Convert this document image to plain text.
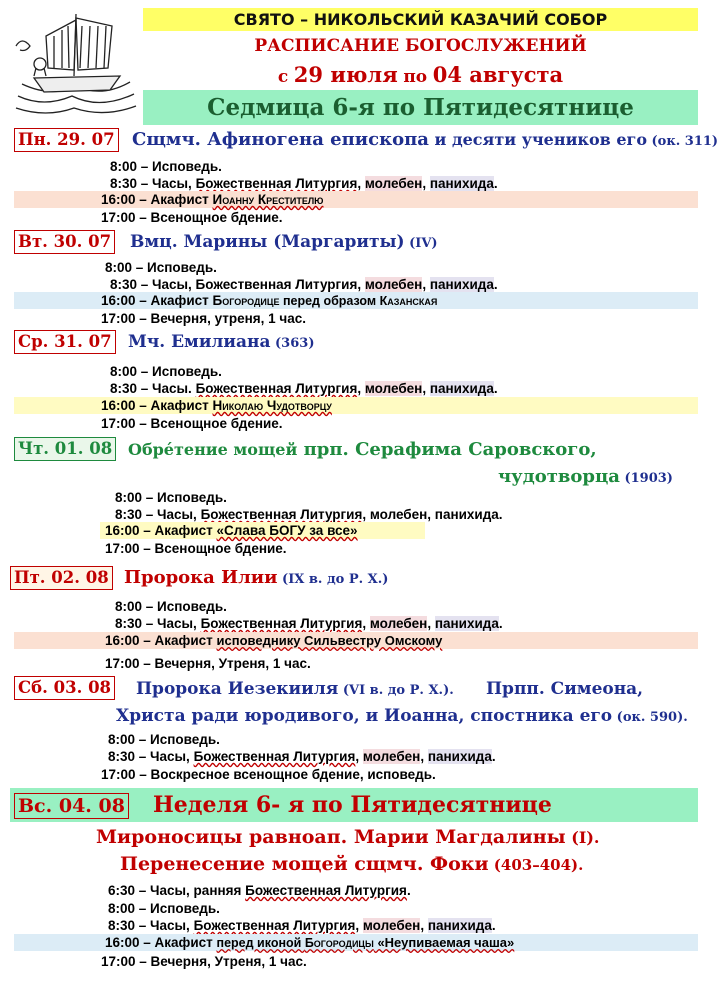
СВЯТО – НИКОЛЬСКИЙ КАЗАЧИЙ СОБОР
РАСПИСАНИЕ БОГОСЛУЖЕНИЙ
с 29 июля по 04 августа
Седмица 6-я по Пятидесятнице
Пн. 29. 07 Сщмч. Афиногена епископа и десяти учеников его (ок. 311)
8:00 – Исповедь.
8:30 – Часы, Божественная Литургия, молебен, панихида.
16:00 – Акафист Иоанну Крестителю
17:00 – Всенощное бдение.
Вт. 30. 07 Вмц. Марины (Маргариты) (IV)
8:00 – Исповедь.
8:30 – Часы, Божественная Литургия, молебен, панихида.
16:00 – Акафист Богородице перед образом Казанская
17:00 – Вечерня, утреня, 1 час.
Ср. 31. 07 Мч. Емилиана (363)
8:00 – Исповедь.
8:30 – Часы. Божественная Литургия, молебен, панихида.
16:00 – Акафист Николаю Чудотворцу
17:00 – Всенощное бдение.
Чт. 01. 08 Обрéтение мощей прп. Серафима Саровского,
чудотворца (1903)
8:00 – Исповедь.
8:30 – Часы, Божественная Литургия, молебен, панихида.
16:00 – Акафист «Слава БОГУ за все»
17:00 – Всенощное бдение.
Пт. 02. 08 Пророка Илии (IX в. до Р. Х.)
8:00 – Исповедь.
8:30 – Часы, Божественная Литургия, молебен, панихида.
16:00 – Акафист исповеднику Сильвестру Омскому
17:00 – Вечерня, Утреня, 1 час.
Сб. 03. 08 Пророка Иезекииля (VI в. до Р. Х.). Прпп. Симеона,
Христа ради юродивого, и Иоанна, спостника его (ок. 590).
8:00 – Исповедь.
8:30 – Часы, Божественная Литургия, молебен, панихида.
17:00 – Воскресное всенощное бдение, исповедь.
Вс. 04. 08 Неделя 6- я по Пятидесятнице
Мироносицы равноап. Марии Магдалины (I).
Перенесение мощей сщмч. Фоки (403–404).
6:30 – Часы, ранняя Божественная Литургия.
8:00 – Исповедь.
8:30 – Часы, Божественная Литургия, молебен, панихида.
16:00 – Акафист перед иконой Богородицы «Неупиваемая чаша»
17:00 – Вечерня, Утреня, 1 час.
